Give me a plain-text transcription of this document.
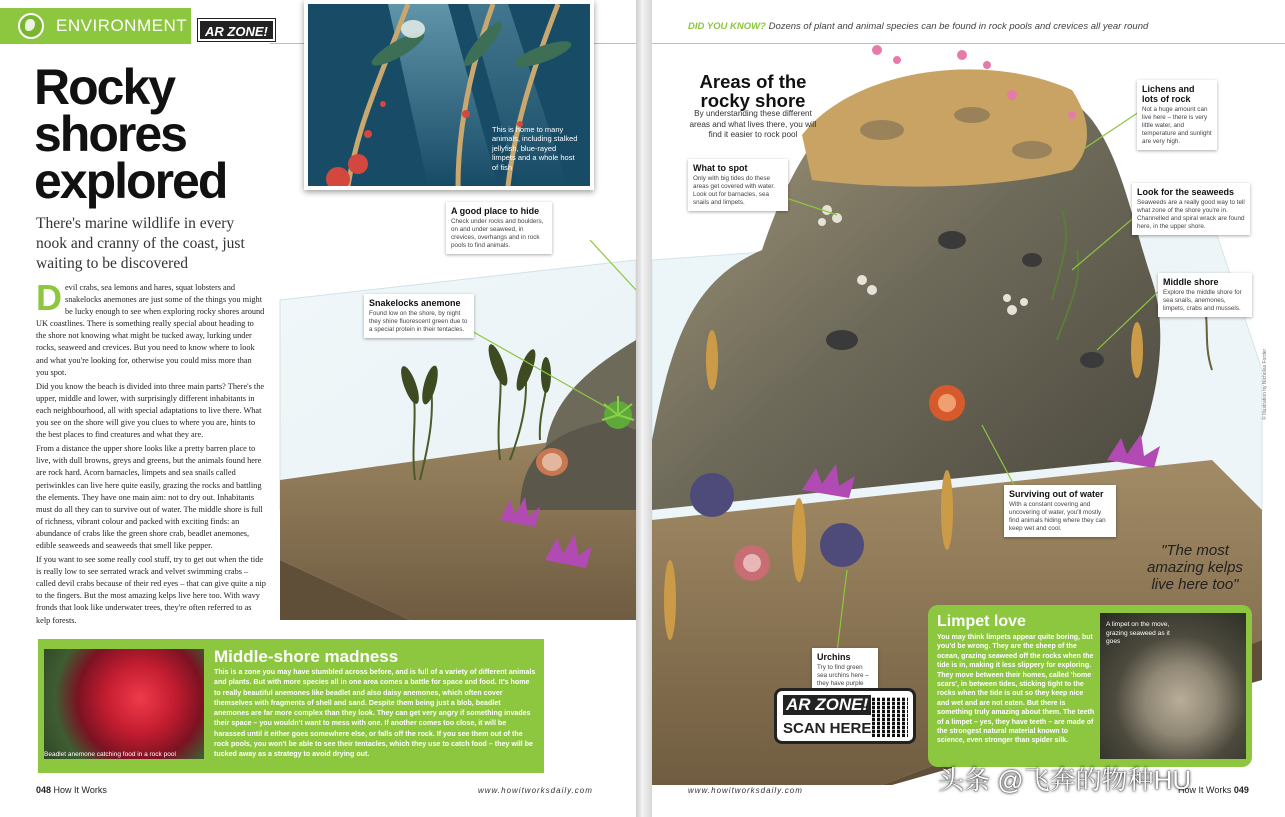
ENVIRONMENT	AR ZONE!
This is home to many animals, including stalked jellyfish, blue-rayed limpets and a whole host of fish
Rocky shores explored
There's marine wildlife in every nook and cranny of the coast, just waiting to be discovered

Devil crabs, sea lemons and hares, squat lobsters and snakelocks anemones are just some of the things you might be lucky enough to see when exploring rocky shores around UK coastlines. There is something really special about heading to the shore not knowing what might be tucked away, lurking under rocks, seaweed and crevices. But you need to know where to look and what you're looking for, otherwise you could miss more than you spot.

Did you know the beach is divided into three main parts? There's the upper, middle and lower, with surprisingly different inhabitants in each neighbourhood, all with special adaptations to live there. What you see on the shore will give you clues to where you are, hints to the best places to find creatures and what they are.

From a distance the upper shore looks like a pretty barren place to live, with dull browns, greys and greens, but the animals found here are rock hard. Acorn barnacles, limpets and sea snails called periwinkles can live here quite easily, grazing the rocks and battling the elements. They have one main aim: not to dry out. Inhabitants must do all they can to survive out of water. The middle shore is full of richness, vibrant colour and packed with exciting finds: an abundance of crabs like the green shore crab, beadlet anemones, edible seaweeds and seaweeds that smell like pepper.

If you want to see some really cool stuff, try to get out when the tide is really low to see serrated wrack and velvet swimming crabs – called devil crabs because of their red eyes – that can give quite a nip to the fingers. But the most amazing kelps live here too. With wavy fronds that look like underwater trees, they're often referred to as kelp forests.

A good place to hide

Check under rocks and boulders, on and under seaweed, in crevices, overhangs and in rock pools to find animals.

Snakelocks anemone

Found low on the shore, by night they shine fluorescent green due to a special protein in their tentacles.

Beadlet anemone catching food in a rock pool
Middle-shore madness
This is a zone you may have stumbled across before, and is full of a variety of different animals and plants. But with more species all in one area comes a battle for space and food. It's home to really beautiful anemones like beadlet and also daisy anemones, which often cover themselves with fragments of shell and sand. Despite them being just a blob, beadlet anemones are far more complex than they look. They can get very angry if something invades their space – you wouldn't want to mess with one. If another comes too close, it will be harassed until it either goes somewhere else, or falls off the rock. If you see them out of the rock pools, you won't be able to see their tentacles, which they use to catch food – they will be tucked away as a strategy to avoid drying out.
048 How It Works	www.howitworksdaily.com
DID YOU KNOW? Dozens of plant and animal species can be found in rock pools and crevices all year round
Areas of the rocky shore
By understanding these different areas and what lives there, you will find it easier to rock pool
What to spot

Only with big tides do these areas get covered with water. Look out for barnacles, sea snails and limpets.

Lichens and lots of rock

Not a huge amount can live here – there is very little water, and temperature and sunlight are very high.

Look for the seaweeds

Seaweeds are a really good way to tell what zone of the shore you're in. Channelled and spiral wrack are found here, in the upper shore.

Middle shore

Explore the middle shore for sea snails, anemones, limpets, crabs and mussels.

Surviving out of water

With a constant covering and uncovering of water, you'll mostly find animals hiding where they can keep wet and cool.

Urchins

Try to find green sea urchins here – they have purple

"The most amazing kelps live here too"
Limpet love
You may think limpets appear quite boring, but you'd be wrong. They are the sheep of the ocean, grazing seaweed off the rocks when the tide is in, making it less slippery for exploring. They move between their homes, called 'home scars', in between tides, sticking tight to the rocks when the tide is out so they keep nice and wet and are not eaten. But there is something truly amazing about them. The teeth of a limpet – yes, they have teeth – are made of the strongest natural material known to science, even stronger than spider silk.
A limpet on the move, grazing seaweed as it goes
AR ZONE!
SCAN HERE
© Illustration by Nicholas Forder
www.howitworksdaily.com	How It Works 049
头条 @飞奔的物种HU
